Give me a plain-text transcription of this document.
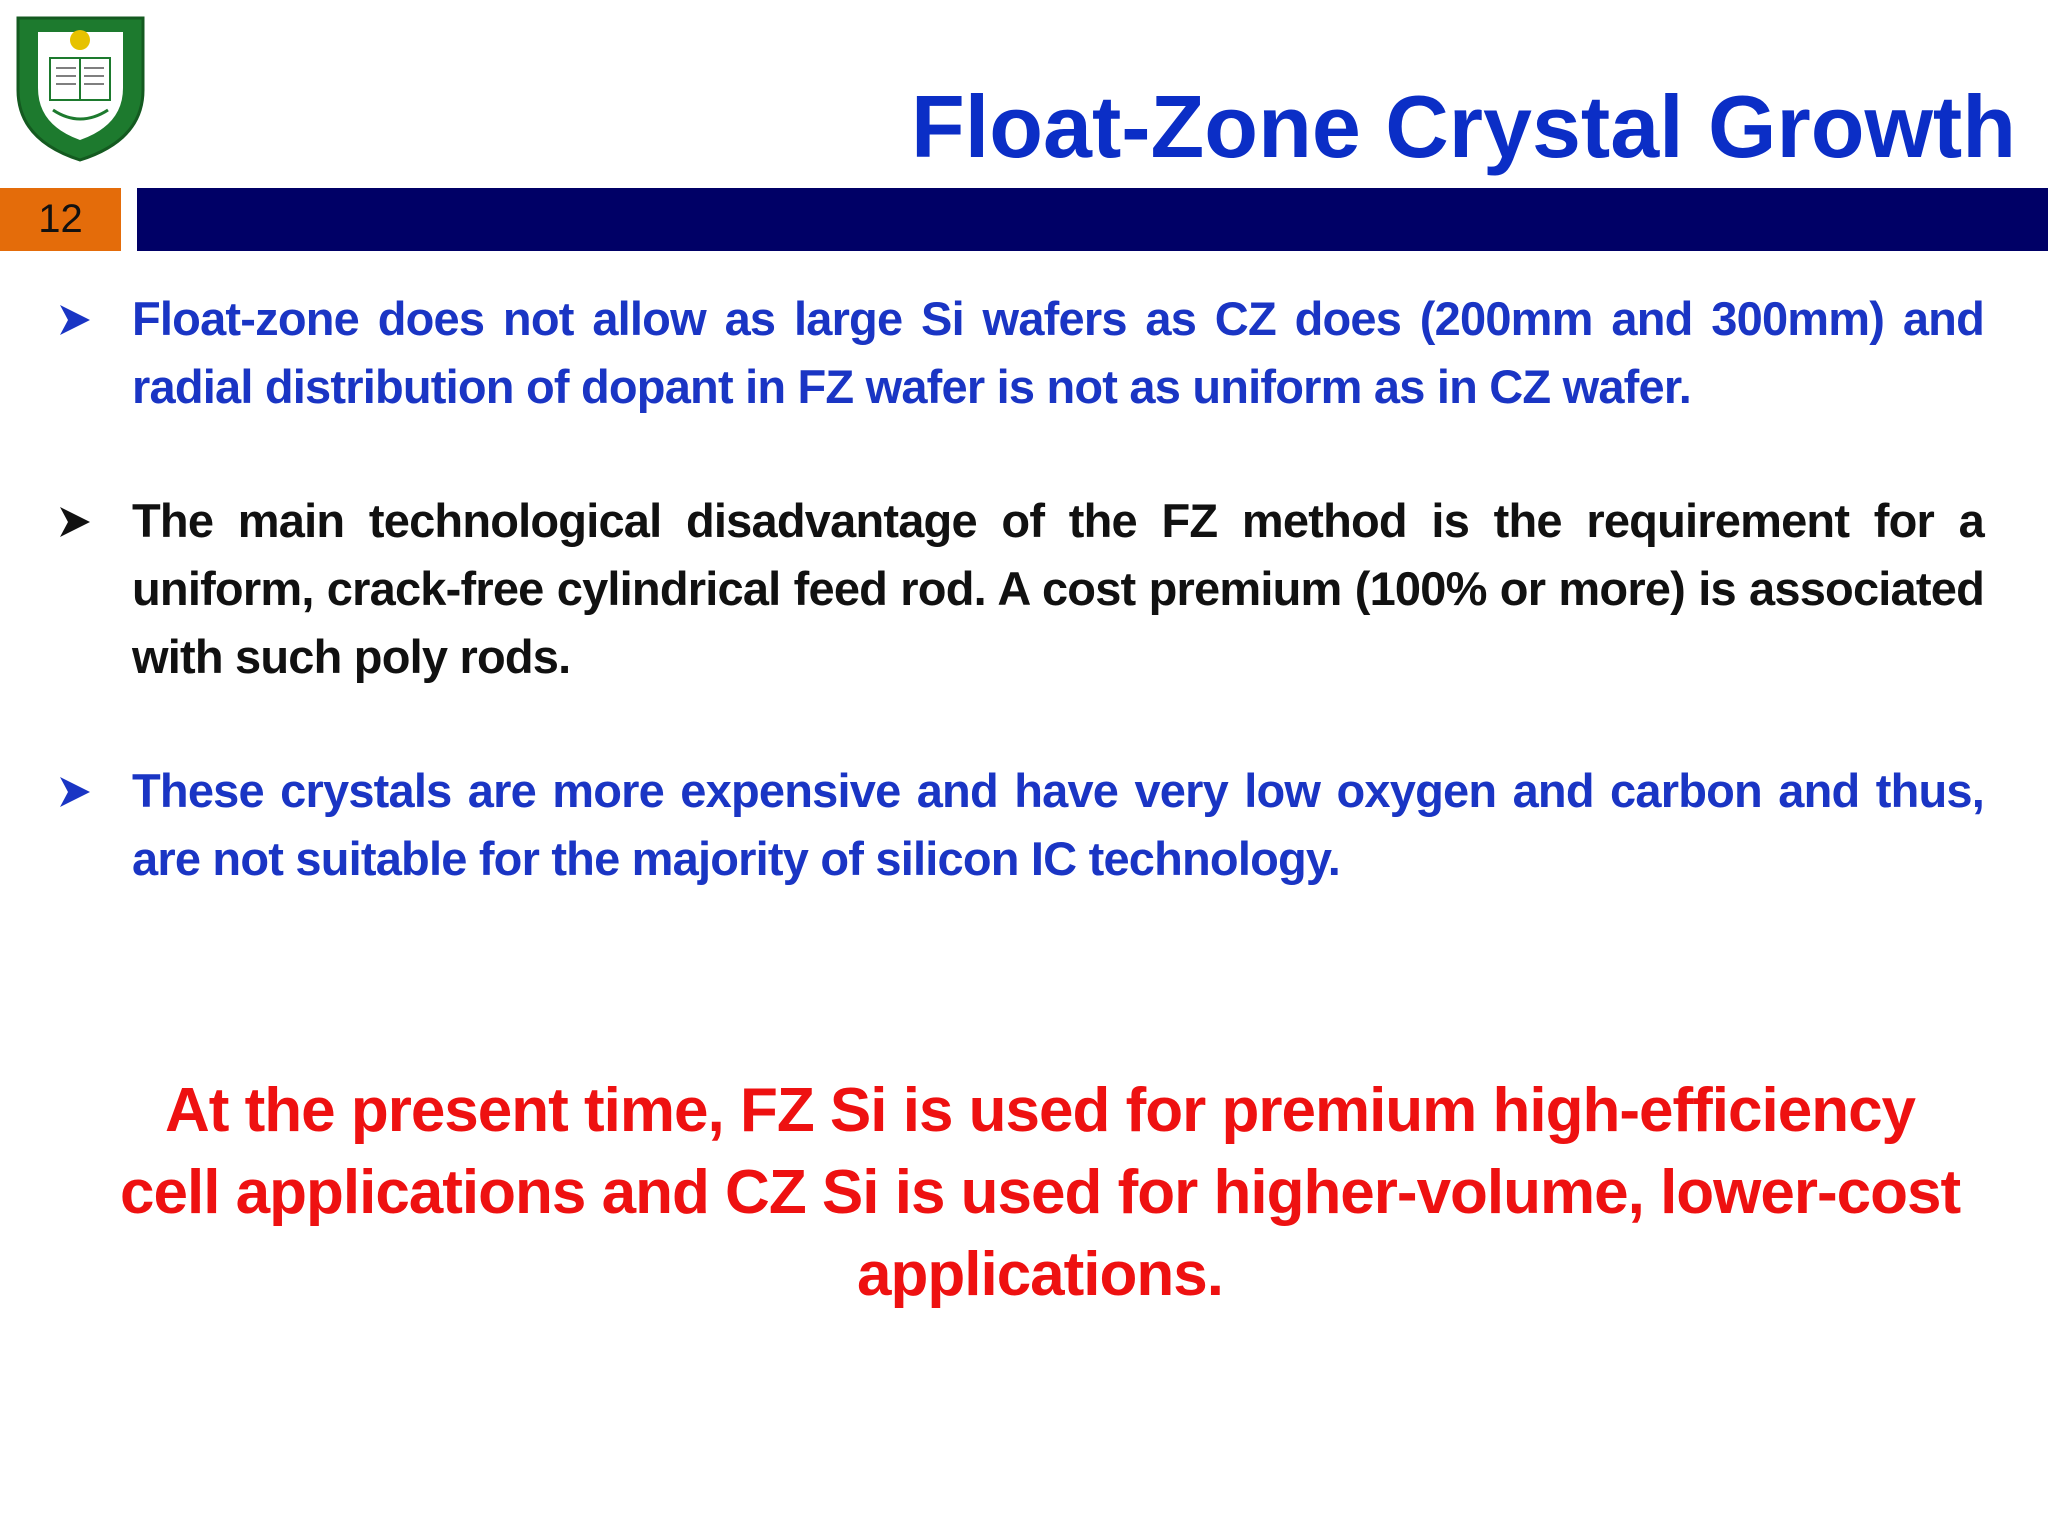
Float-Zone Crystal Growth
12
Float-zone does not allow as large Si wafers as CZ does (200mm and 300mm) and radial distribution of dopant in FZ wafer is not as uniform as in CZ wafer.
The main technological disadvantage of the FZ method is the requirement for a uniform, crack-free cylindrical feed rod. A cost premium (100% or more) is associated with such poly rods.
These crystals are more expensive and have very low oxygen and carbon and thus, are not suitable for the majority of silicon IC technology.
At the present time, FZ Si is used for premium high-efficiency
cell applications and CZ Si is used for higher-volume, lower-cost
applications.
